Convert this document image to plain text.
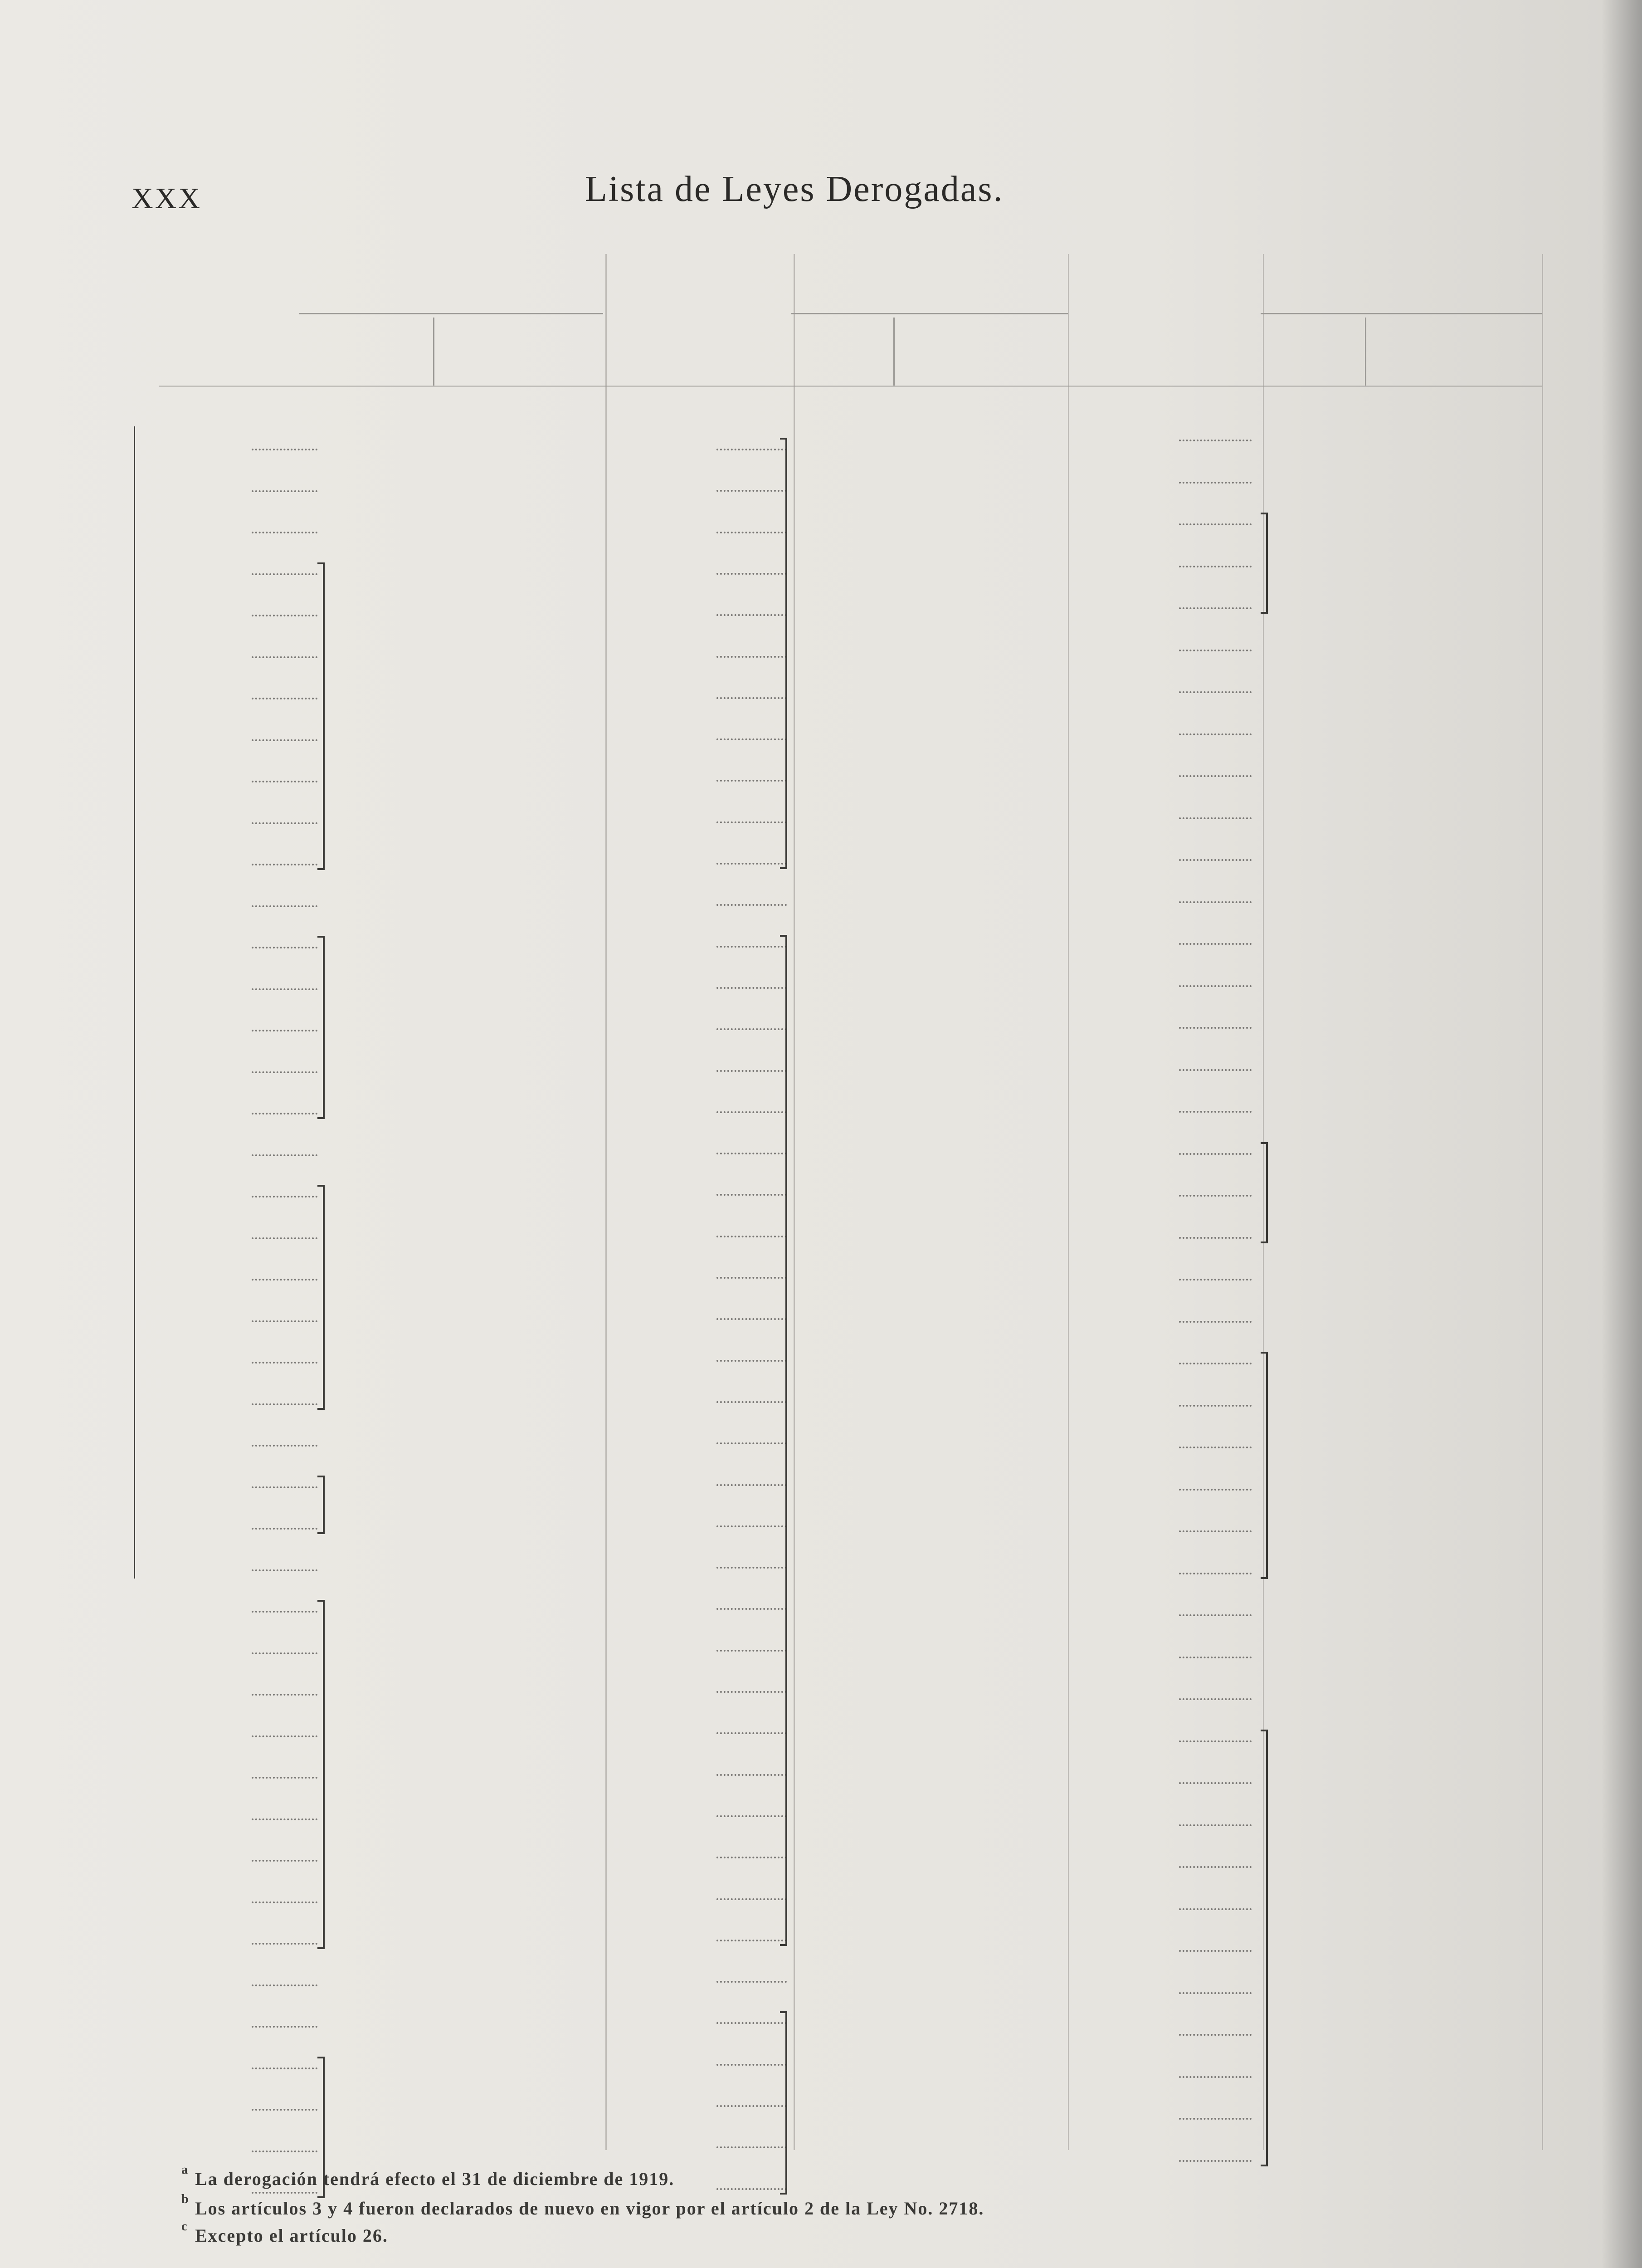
XXX	Lista de Leyes Derogadas.
a La derogación tendrá efecto el 31 de diciembre de 1919.
b Los artículos 3 y 4 fueron declarados de nuevo en vigor por el artículo 2 de la Ley No. 2718.
c Excepto el artículo 26.
